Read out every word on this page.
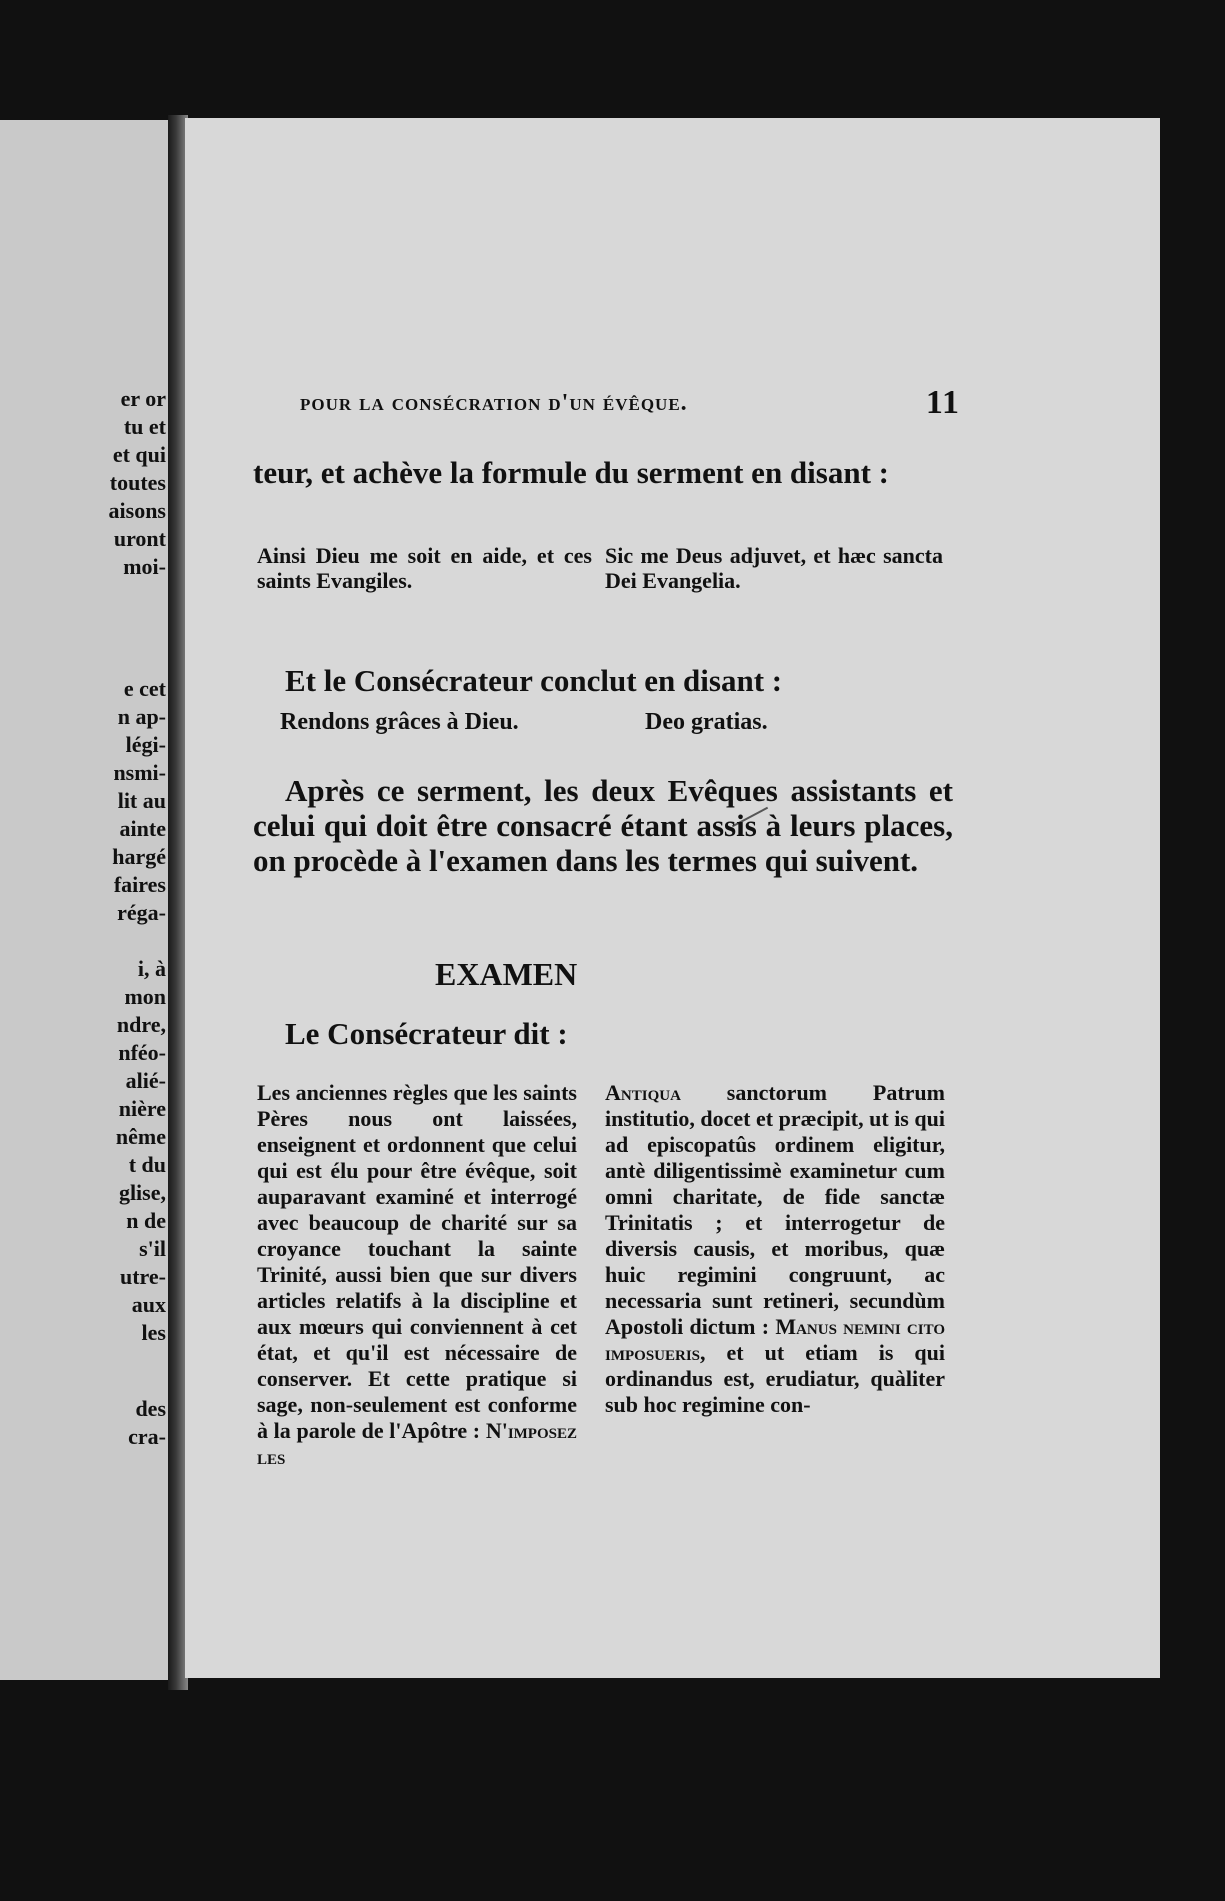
er or
tu et
et qui
toutes
aisons
uront
moi-
e cet
n ap-
légi-
nsmi-
lit au
ainte
hargé
faires
réga-
i, à
mon
ndre,
nféo-
alié-
nière
nême
t du
glise,
n de
s'il
utre-
aux
les
des
cra-
pour la consécration d'un évêque.	11
teur, et achève la formule du serment en disant :
Ainsi Dieu me soit en aide, et ces saints Evangiles.
Sic me Deus adjuvet, et hæc sancta Dei Evangelia.
Et le Consécrateur conclut en disant :
Rendons grâces à Dieu.	Deo gratias.
Après ce serment, les deux Evêques assistants et celui qui doit être consacré étant assis à leurs places, on procède à l'examen dans les termes qui suivent.
EXAMEN
Le Consécrateur dit :
Les anciennes règles que les saints Pères nous ont laissées, enseignent et ordonnent que celui qui est élu pour être évêque, soit auparavant examiné et interrogé avec beaucoup de charité sur sa croyance touchant la sainte Trinité, aussi bien que sur divers articles relatifs à la discipline et aux mœurs qui conviennent à cet état, et qu'il est nécessaire de conserver. Et cette pratique si sage, non-seulement est conforme à la parole de l'Apôtre : N'imposez les
Antiqua sanctorum Patrum institutio, docet et præcipit, ut is qui ad episcopatûs ordinem eligitur, antè diligentissimè examinetur cum omni charitate, de fide sanctæ Trinitatis ; et interrogetur de diversis causis, et moribus, quæ huic regimini congruunt, ac necessaria sunt retineri, secundùm Apostoli dictum : Manus nemini cito imposueris, et ut etiam is qui ordinandus est, erudiatur, quàliter sub hoc regimine con-
